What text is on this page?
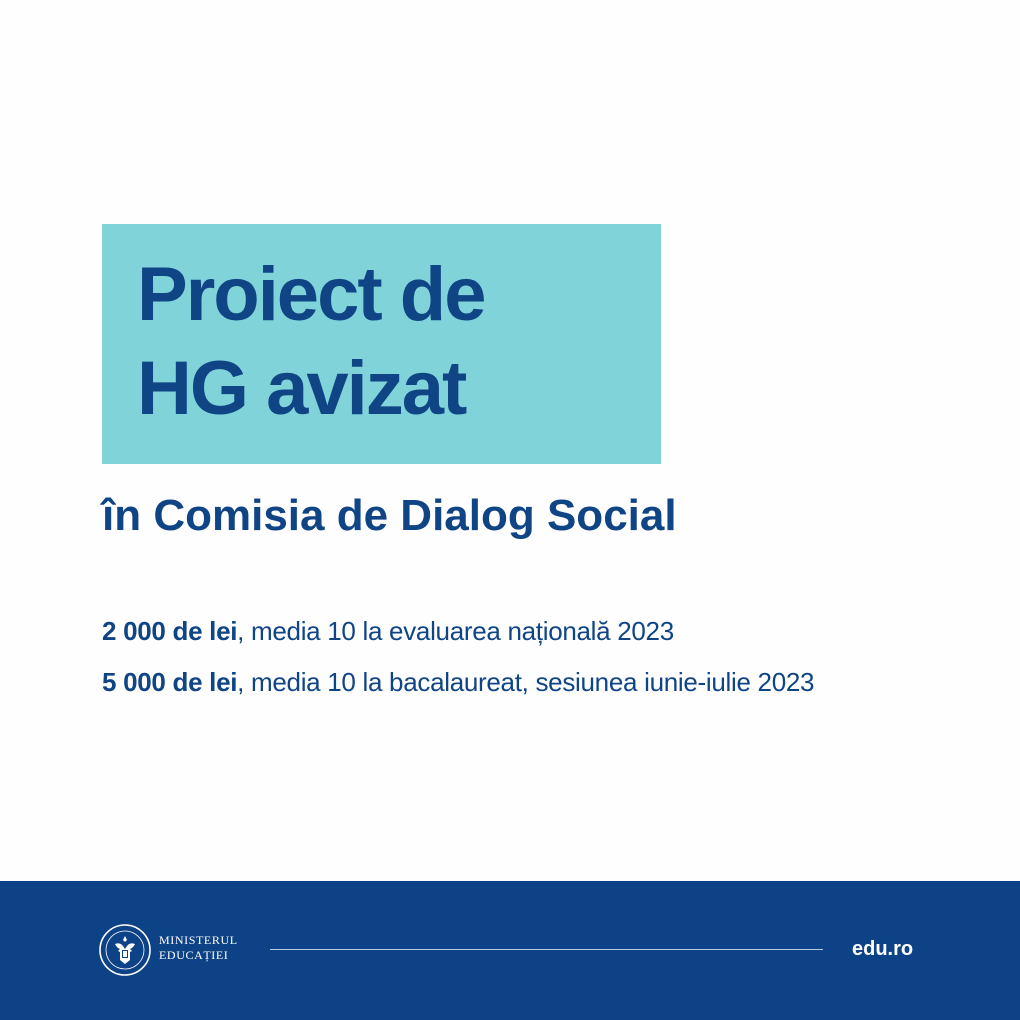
Proiect de
HG avizat
în Comisia de Dialog Social

2 000 de lei, media 10 la evaluarea națională 2023

5 000 de lei, media 10 la bacalaureat, sesiunea iunie-iulie 2023

MINISTERUL
EDUCAȚIEI	edu.ro
